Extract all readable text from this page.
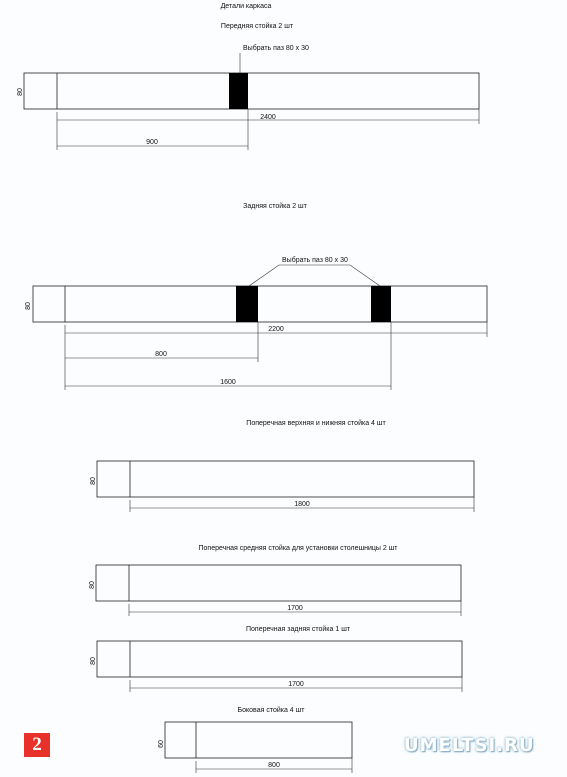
Детали каркаса
Передняя стойка 2 шт
Выбрать паз 80 х 30
80
2400
900
Задняя стойка 2 шт
Выбрать паз 80 х 30
80
2200
800
1600
Поперечная верхняя и нижняя стойка 4 шт
80
1800
Поперечная средняя стойка для установки столешницы 2 шт
80
1700
Поперечная задняя стойка 1 шт
80
1700
Боковая стойка 4 шт
60
800
2	UMELTSI.RU
